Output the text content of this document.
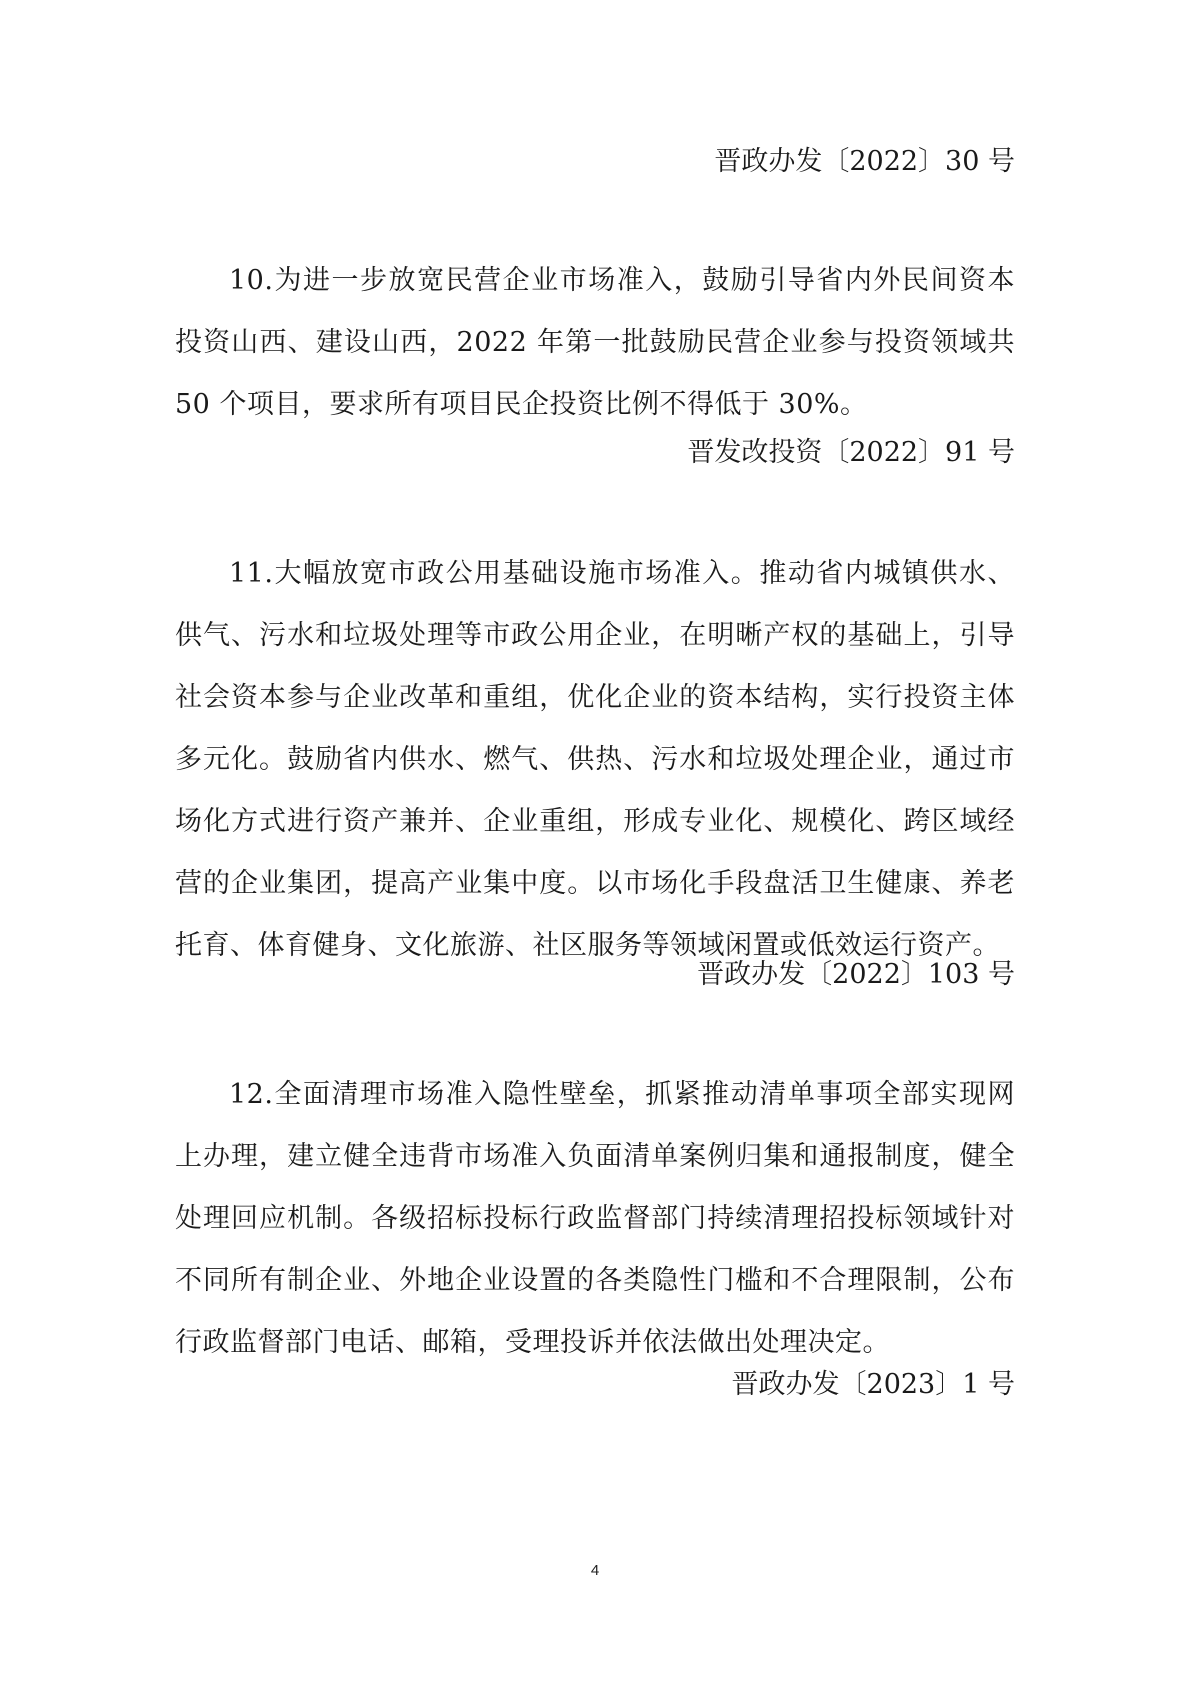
晋政办发〔2022〕30 号
10.为进一步放宽民营企业市场准入，鼓励引导省内外民间资本
投资山西、建设山西，2022 年第一批鼓励民营企业参与投资领域共
50 个项目，要求所有项目民企投资比例不得低于 30%。
晋发改投资〔2022〕91 号
11.大幅放宽市政公用基础设施市场准入。推动省内城镇供水、
供气、污水和垃圾处理等市政公用企业，在明晰产权的基础上，引导
社会资本参与企业改革和重组，优化企业的资本结构，实行投资主体
多元化。鼓励省内供水、燃气、供热、污水和垃圾处理企业，通过市
场化方式进行资产兼并、企业重组，形成专业化、规模化、跨区域经
营的企业集团，提高产业集中度。以市场化手段盘活卫生健康、养老
托育、体育健身、文化旅游、社区服务等领域闲置或低效运行资产。
晋政办发〔2022〕103 号
12.全面清理市场准入隐性壁垒，抓紧推动清单事项全部实现网
上办理，建立健全违背市场准入负面清单案例归集和通报制度，健全
处理回应机制。各级招标投标行政监督部门持续清理招投标领域针对
不同所有制企业、外地企业设置的各类隐性门槛和不合理限制，公布
行政监督部门电话、邮箱，受理投诉并依法做出处理决定。
晋政办发〔2023〕1 号
4
